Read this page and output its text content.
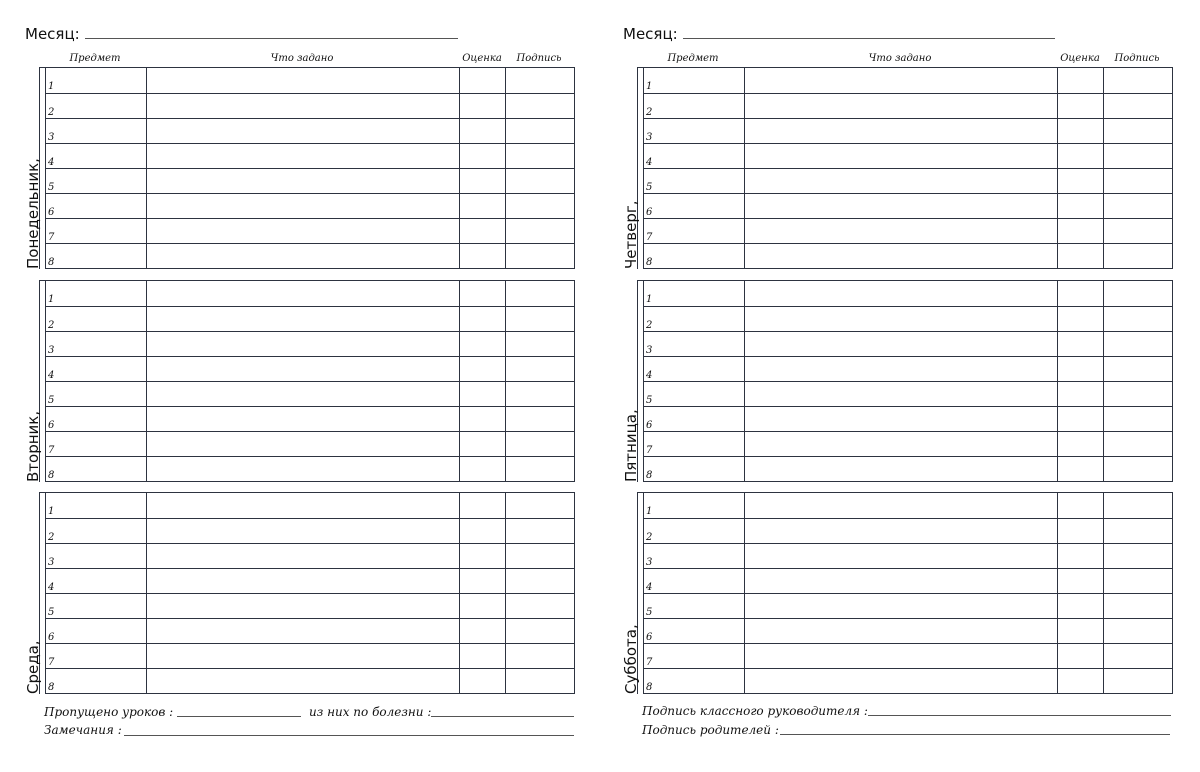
Месяц:
Предмет	Что задано	Оценка	Подпись
Понедельник,
1
2
3
4
5
6
7
8
Вторник,
1
2
3
4
5
6
7
8
Среда,
1
2
3
4
5
6
7
8
Пропущено уроков :	из них по болезни :
Замечания :
Месяц:
Предмет	Что задано	Оценка	Подпись
Четверг,
1
2
3
4
5
6
7
8
Пятница,
1
2
3
4
5
6
7
8
Суббота,
1
2
3
4
5
6
7
8
Подпись классного руководителя :
Подпись родителей :
